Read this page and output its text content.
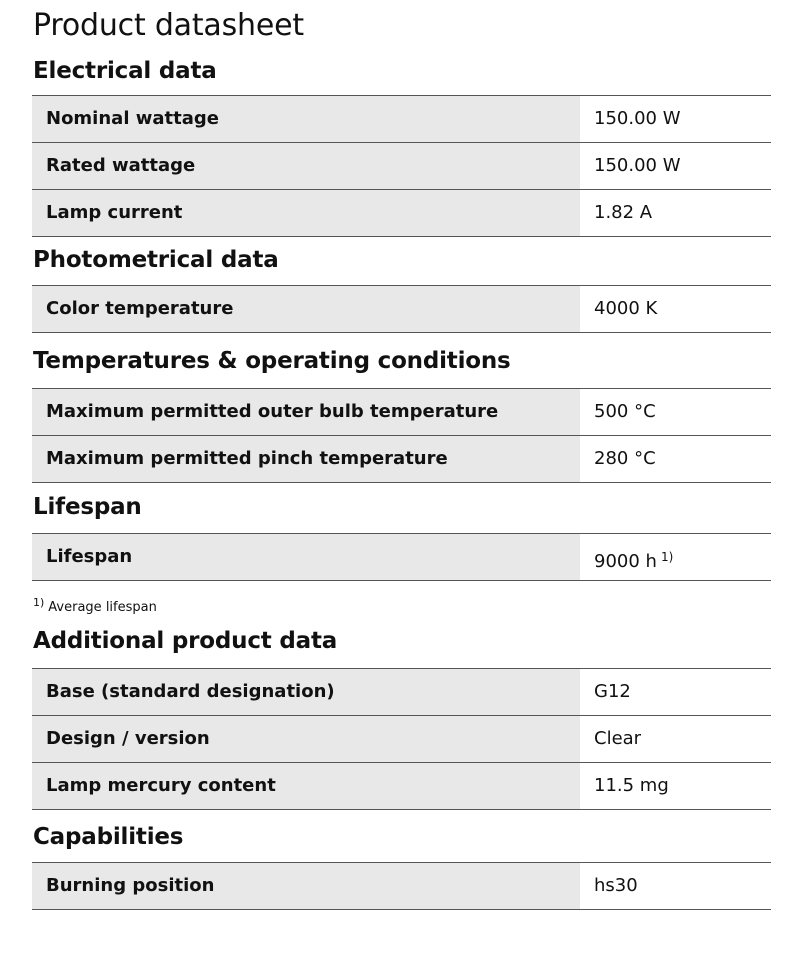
Product datasheet
Electrical data
Nominal wattage	150.00 W
Rated wattage	150.00 W
Lamp current	1.82 A
Photometrical data
Color temperature	4000 K
Temperatures & operating conditions
Maximum permitted outer bulb temperature	500 °C
Maximum permitted pinch temperature	280 °C
Lifespan
Lifespan	9000 h $^{1)}$
$^{1)}$ Average lifespan
Additional product data
Base (standard designation)	G12
Design / version	Clear
Lamp mercury content	11.5 mg
Capabilities
Burning position	hs30
